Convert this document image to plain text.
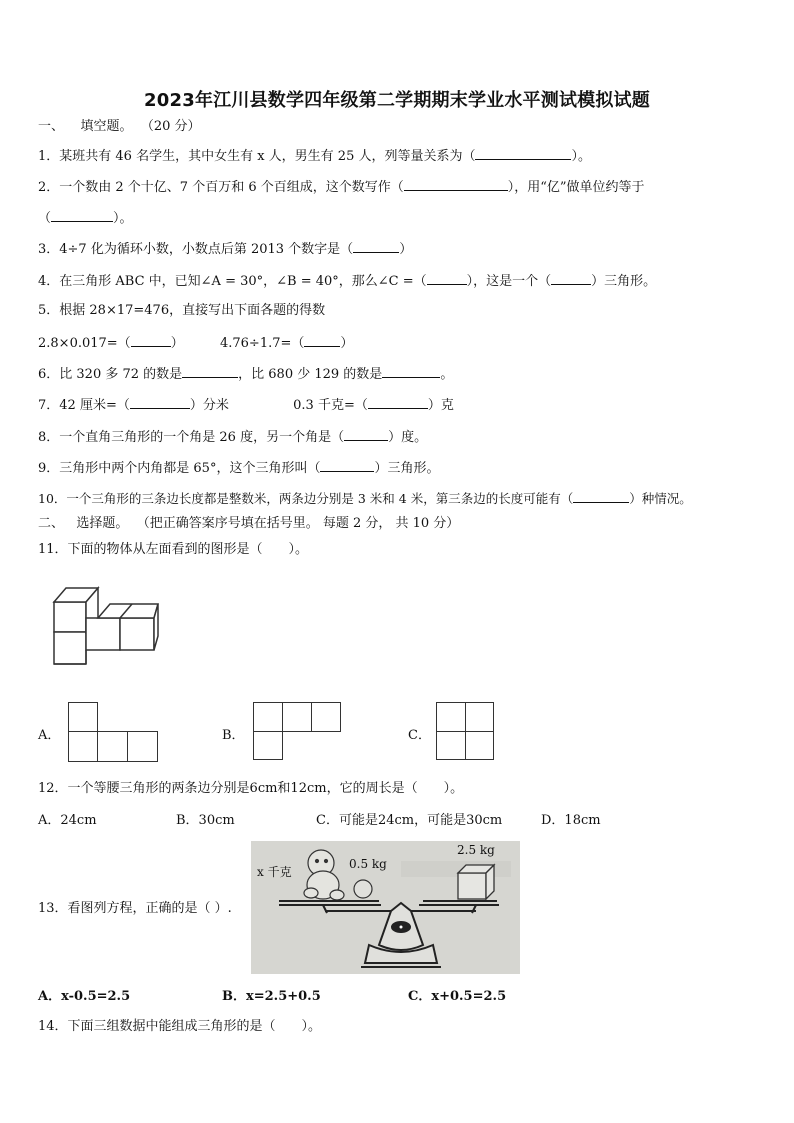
2023年江川县数学四年级第二学期期末学业水平测试模拟试题
一、 填空题。 （20 分）
1．某班共有 46 名学生，其中女生有 x 人，男生有 25 人，列等量关系为（	）。
2．一个数由 2 个十亿、7 个百万和 6 个百组成，这个数写作（	），用“亿”做单位约等于
（	）。
3．4÷7 化为循环小数，小数点后第 2013 个数字是（	）
4．在三角形 ABC 中，已知∠A = 30°，∠B = 40°，那么∠C =（	），这是一个（	）三角形。
5．根据 28×17=476，直接写出下面各题的得数
2.8×0.017=（	）	4.76÷1.7=（	）
6．比 320 多 72 的数是	，比 680 少 129 的数是	。
7．42 厘米=（	）分米	0.3 千克=（	）克
8．一个直角三角形的一个角是 26 度，另一个角是（	）度。
9．三角形中两个内角都是 65°，这个三角形叫（	）三角形。
10．一个三角形的三条边长度都是整数米，两条边分别是 3 米和 4 米，第三条边的长度可能有（	）种情况。
二、 选择题。 （把正确答案序号填在括号里。 每题 2 分， 共 10 分）
11．下面的物体从左面看到的图形是（　　）。
A．	B．	C．
12．一个等腰三角形的两条边分别是6cm和12cm，它的周长是（　　）。
A．24cm	B．30cm	C．可能是24cm，可能是30cm	D．18cm
13．看图列方程，正确的是（ ）.
x 千克
0.5 kg
2.5 kg
A．x-0.5=2.5	B．x=2.5+0.5	C．x+0.5=2.5
14．下面三组数据中能组成三角形的是（　　）。
